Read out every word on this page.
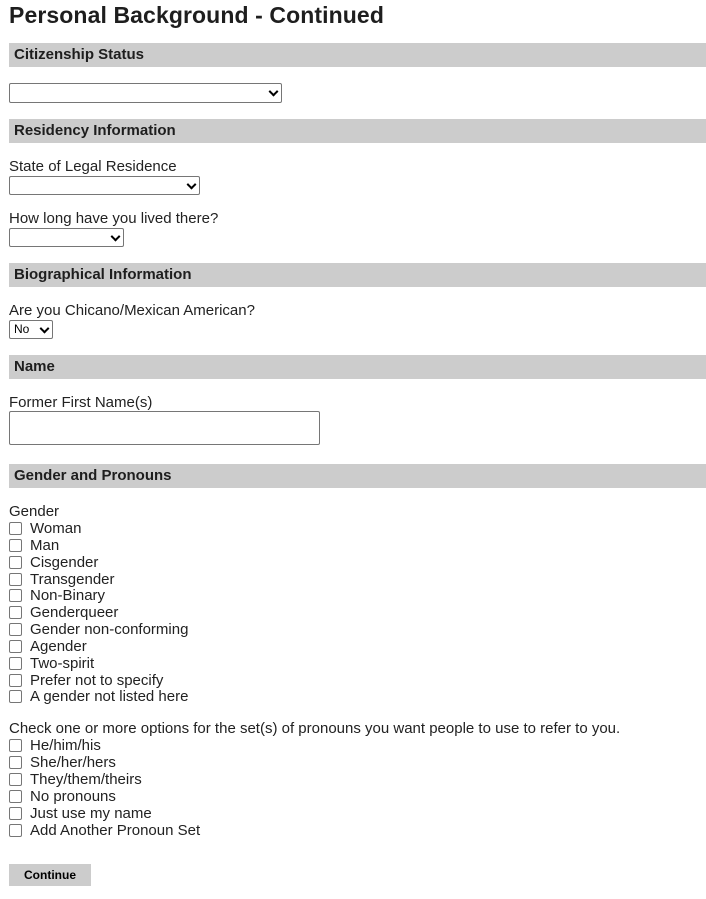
Personal Background - Continued
Citizenship Status
Residency Information
State of Legal Residence
How long have you lived there?
Biographical Information
Are you Chicano/Mexican American?
No
Name
Former First Name(s)
Gender and Pronouns
Gender
Woman
Man
Cisgender
Transgender
Non-Binary
Genderqueer
Gender non-conforming
Agender
Two-spirit
Prefer not to specify
A gender not listed here
Check one or more options for the set(s) of pronouns you want people to use to refer to you.
He/him/his
She/her/hers
They/them/theirs
No pronouns
Just use my name
Add Another Pronoun Set
Continue
